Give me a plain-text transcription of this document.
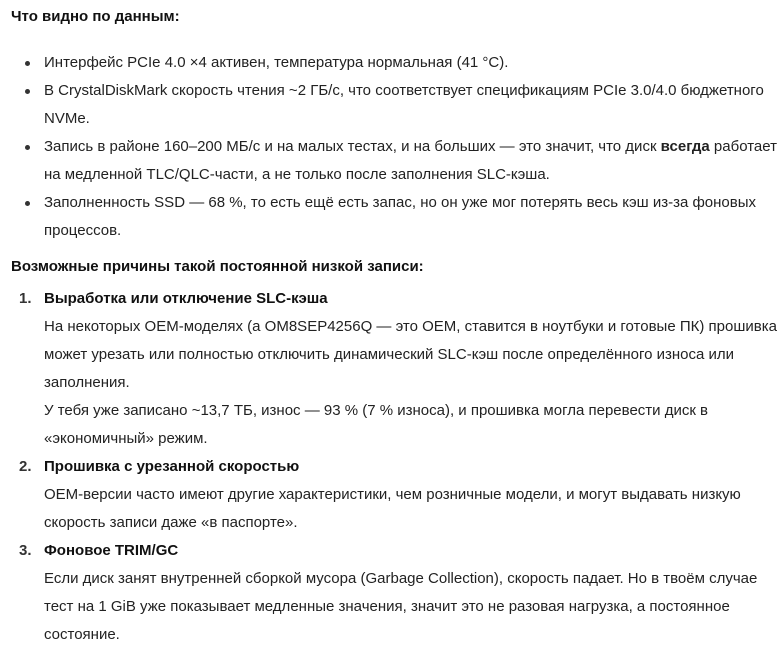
Что видно по данным:

Интерфейс PCIe 4.0 ×4 активен, температура нормальная (41 °C).
В CrystalDiskMark скорость чтения ~2 ГБ/с, что соответствует спецификациям PCIe 3.0/4.0 бюджетного NVMe.
Запись в районе 160–200 МБ/с и на малых тестах, и на больших — это значит, что диск всегда работает на медленной TLC/QLC-части, а не только после заполнения SLC-кэша.
Заполненность SSD — 68 %, то есть ещё есть запас, но он уже мог потерять весь кэш из-за фоновых процессов.

Возможные причины такой постоянной низкой записи:

1. Выработка или отключение SLC-кэша

На некоторых OEM-моделях (а OM8SEP4256Q — это OEM, ставится в ноутбуки и готовые ПК) прошивка может урезать или полностью отключить динамический SLC-кэш после определённого износа или заполнения.

У тебя уже записано ~13,7 ТБ, износ — 93 % (7 % износа), и прошивка могла перевести диск в «экономичный» режим.

2. Прошивка с урезанной скоростью

OEM-версии часто имеют другие характеристики, чем розничные модели, и могут выдавать низкую скорость записи даже «в паспорте».

3. Фоновое TRIM/GC

Если диск занят внутренней сборкой мусора (Garbage Collection), скорость падает. Но в твоём случае тест на 1 GiB уже показывает медленные значения, значит это не разовая нагрузка, а постоянное состояние.
